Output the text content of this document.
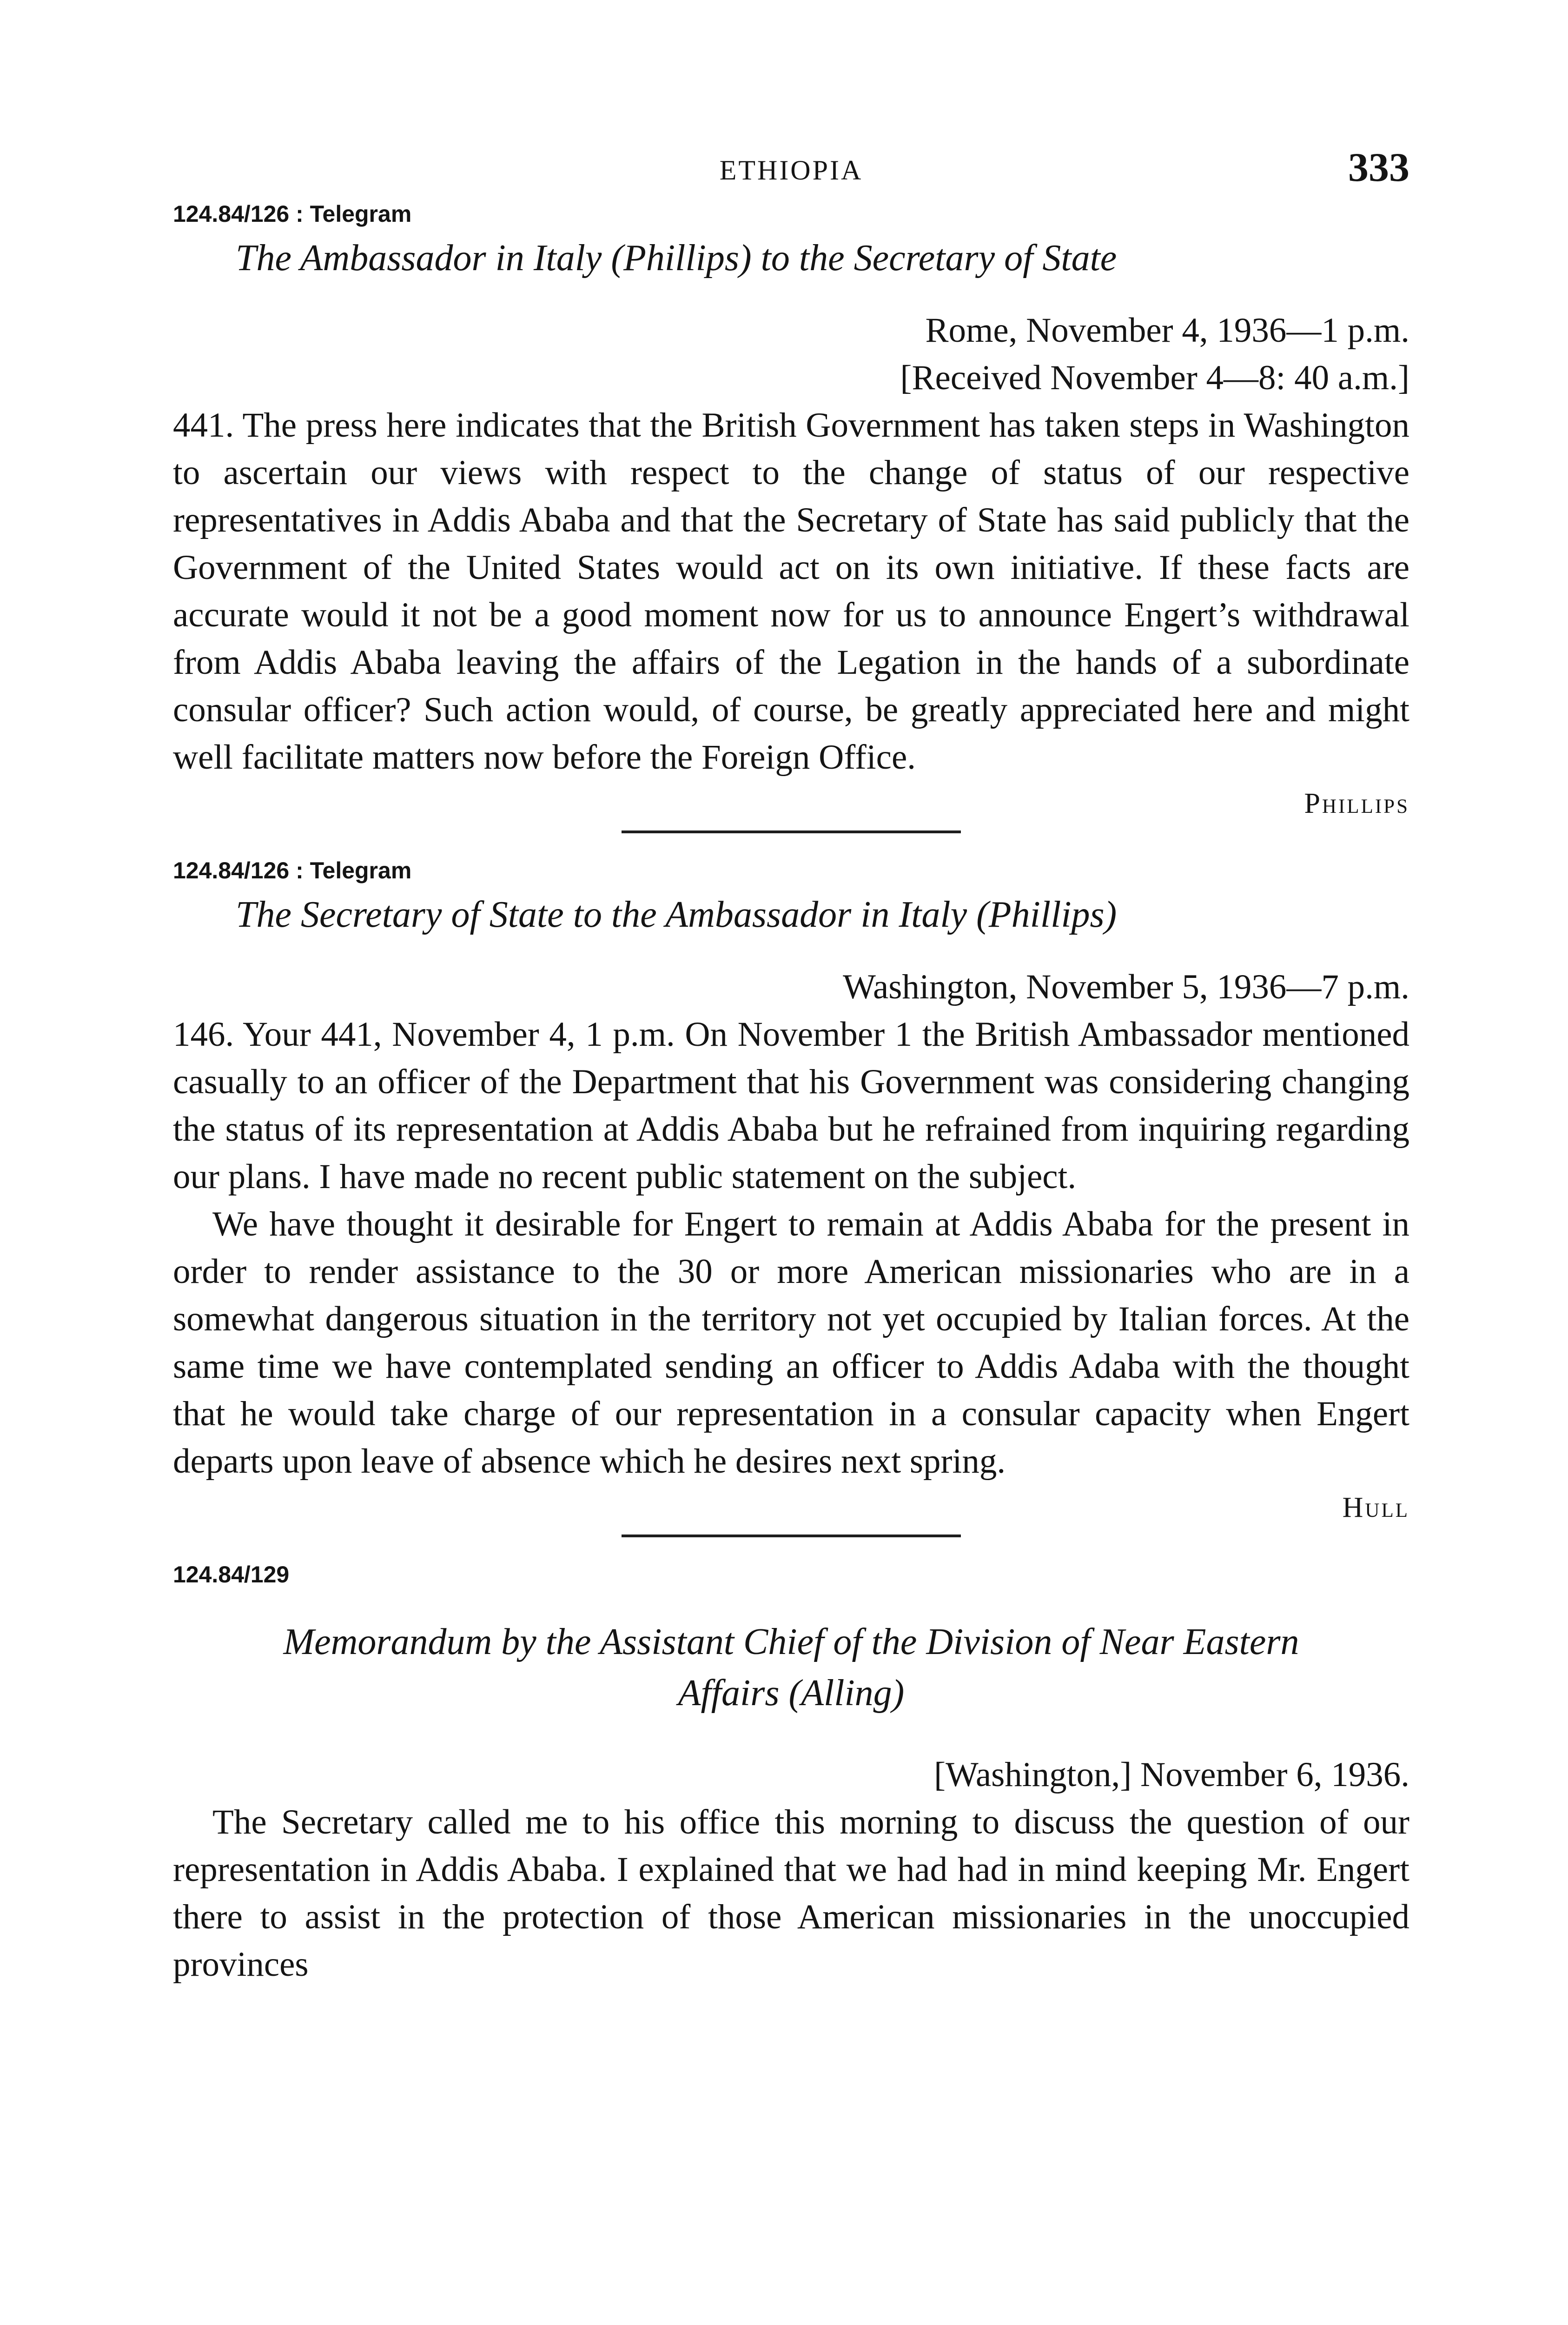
ETHIOPIA	333

124.84/126 : Telegram

The Ambassador in Italy (Phillips) to the Secretary of State

Rome, November 4, 1936—1 p.m.

[Received November 4—8: 40 a.m.]

441. The press here indicates that the British Government has taken steps in Washington to ascertain our views with respect to the change of status of our respective representatives in Addis Ababa and that the Secretary of State has said publicly that the Government of the United States would act on its own initiative. If these facts are accurate would it not be a good moment now for us to announce Engert’s withdrawal from Addis Ababa leaving the affairs of the Legation in the hands of a subordinate consular officer? Such action would, of course, be greatly appreciated here and might well facilitate matters now before the Foreign Office.

Phillips

124.84/126 : Telegram

The Secretary of State to the Ambassador in Italy (Phillips)

Washington, November 5, 1936—7 p.m.

146. Your 441, November 4, 1 p.m. On November 1 the British Ambassador mentioned casually to an officer of the Department that his Government was considering changing the status of its representation at Addis Ababa but he refrained from inquiring regarding our plans. I have made no recent public statement on the subject.

We have thought it desirable for Engert to remain at Addis Ababa for the present in order to render assistance to the 30 or more American missionaries who are in a somewhat dangerous situation in the territory not yet occupied by Italian forces. At the same time we have contemplated sending an officer to Addis Adaba with the thought that he would take charge of our representation in a consular capacity when Engert departs upon leave of absence which he desires next spring.

Hull

124.84/129

Memorandum by the Assistant Chief of the Division of Near Eastern

Affairs (Alling)

[Washington,] November 6, 1936.

The Secretary called me to his office this morning to discuss the question of our representation in Addis Ababa. I explained that we had had in mind keeping Mr. Engert there to assist in the protection of those American missionaries in the unoccupied provinces
